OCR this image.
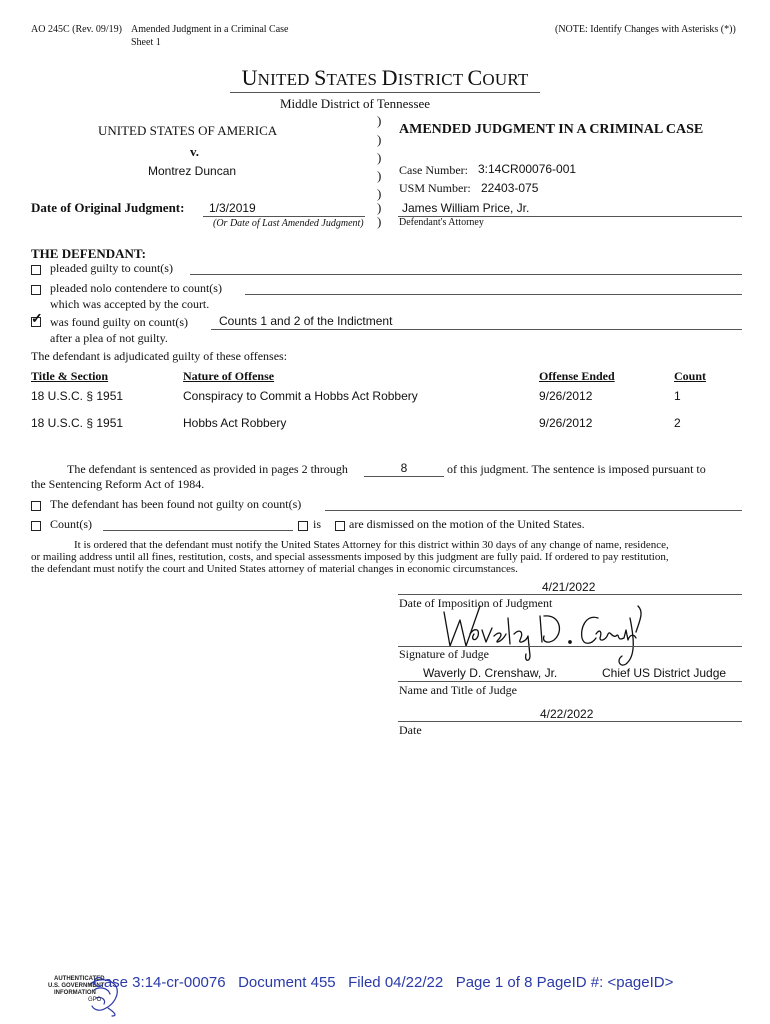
AO 245C (Rev. 09/19) Amended Judgment in a Criminal Case
Sheet 1
(NOTE: Identify Changes with Asterisks (*))
UNITED STATES DISTRICT COURT
Middle District of Tennessee
UNITED STATES OF AMERICA
v.
Montrez Duncan
Date of Original Judgment: 1/3/2019
(Or Date of Last Amended Judgment)
)
)
)
)
)
)
)
AMENDED JUDGMENT IN A CRIMINAL CASE
Case Number: 3:14CR00076-001
USM Number: 22403-075
James William Price, Jr.
Defendant's Attorney
THE DEFENDANT:
pleaded guilty to count(s)
pleaded nolo contendere to count(s)
which was accepted by the court.
✓ was found guilty on count(s)	Counts 1 and 2 of the Indictment
after a plea of not guilty.
The defendant is adjudicated guilty of these offenses:
Title & Section	Nature of Offense	Offense Ended	Count
18 U.S.C. § 1951	Conspiracy to Commit a Hobbs Act Robbery	9/26/2012	1
18 U.S.C. § 1951	Hobbs Act Robbery	9/26/2012	2
The defendant is sentenced as provided in pages 2 through	8	of this judgment. The sentence is imposed pursuant to
the Sentencing Reform Act of 1984.
The defendant has been found not guilty on count(s)
Count(s)	is are dismissed on the motion of the United States.
It is ordered that the defendant must notify the United States Attorney for this district within 30 days of any change of name, residence,
or mailing address until all fines, restitution, costs, and special assessments imposed by this judgment are fully paid. If ordered to pay restitution,
the defendant must notify the court and United States attorney of material changes in economic circumstances.
4/21/2022
Date of Imposition of Judgment
Signature of Judge
Waverly D. Crenshaw, Jr.	Chief US District Judge
Name and Title of Judge
4/22/2022
Date
AUTHENTICATED
U.S. GOVERNMENT
INFORMATION
GPO
Case 3:14-cr-00076   Document 455   Filed 04/22/22   Page 1 of 8 PageID #: <pageID>
